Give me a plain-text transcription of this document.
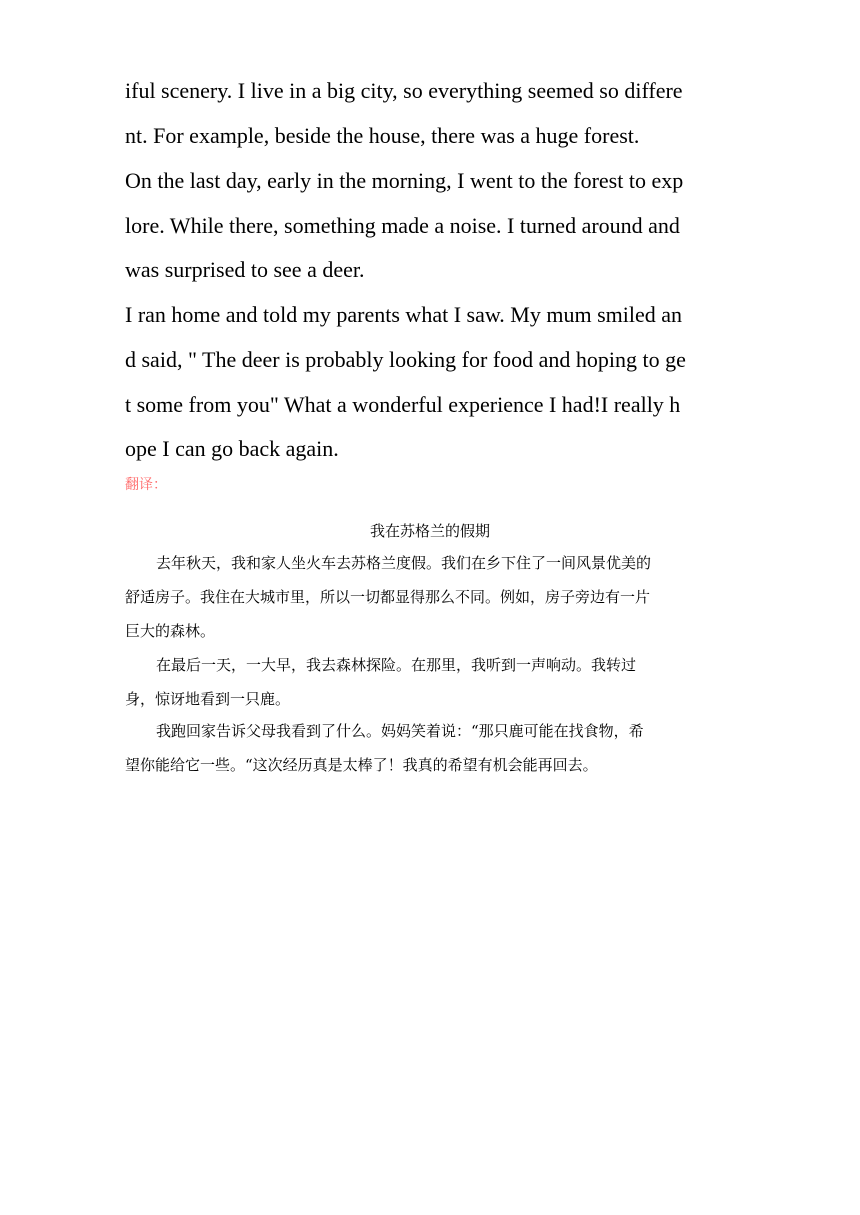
iful scenery. I live in a big city, so everything seemed so differe
nt. For example, beside the house, there was a huge forest.
On the last day, early in the morning, I went to the forest to exp
lore. While there, something made a noise. I turned around and
was surprised to see a deer.
I ran home and told my parents what I saw. My mum smiled an
d said, " The deer is probably looking for food and hoping to ge
t some from you" What a wonderful experience I had!I really h
ope I can go back again.
翻译：
我在苏格兰的假期
去年秋天，我和家人坐火车去苏格兰度假。我们在乡下住了一间风景优美的
舒适房子。我住在大城市里，所以一切都显得那么不同。例如，房子旁边有一片
巨大的森林。
在最后一天，一大早，我去森林探险。在那里，我听到一声响动。我转过
身，惊讶地看到一只鹿。
我跑回家告诉父母我看到了什么。妈妈笑着说：“那只鹿可能在找食物，希
望你能给它一些。“这次经历真是太棒了！我真的希望有机会能再回去。
